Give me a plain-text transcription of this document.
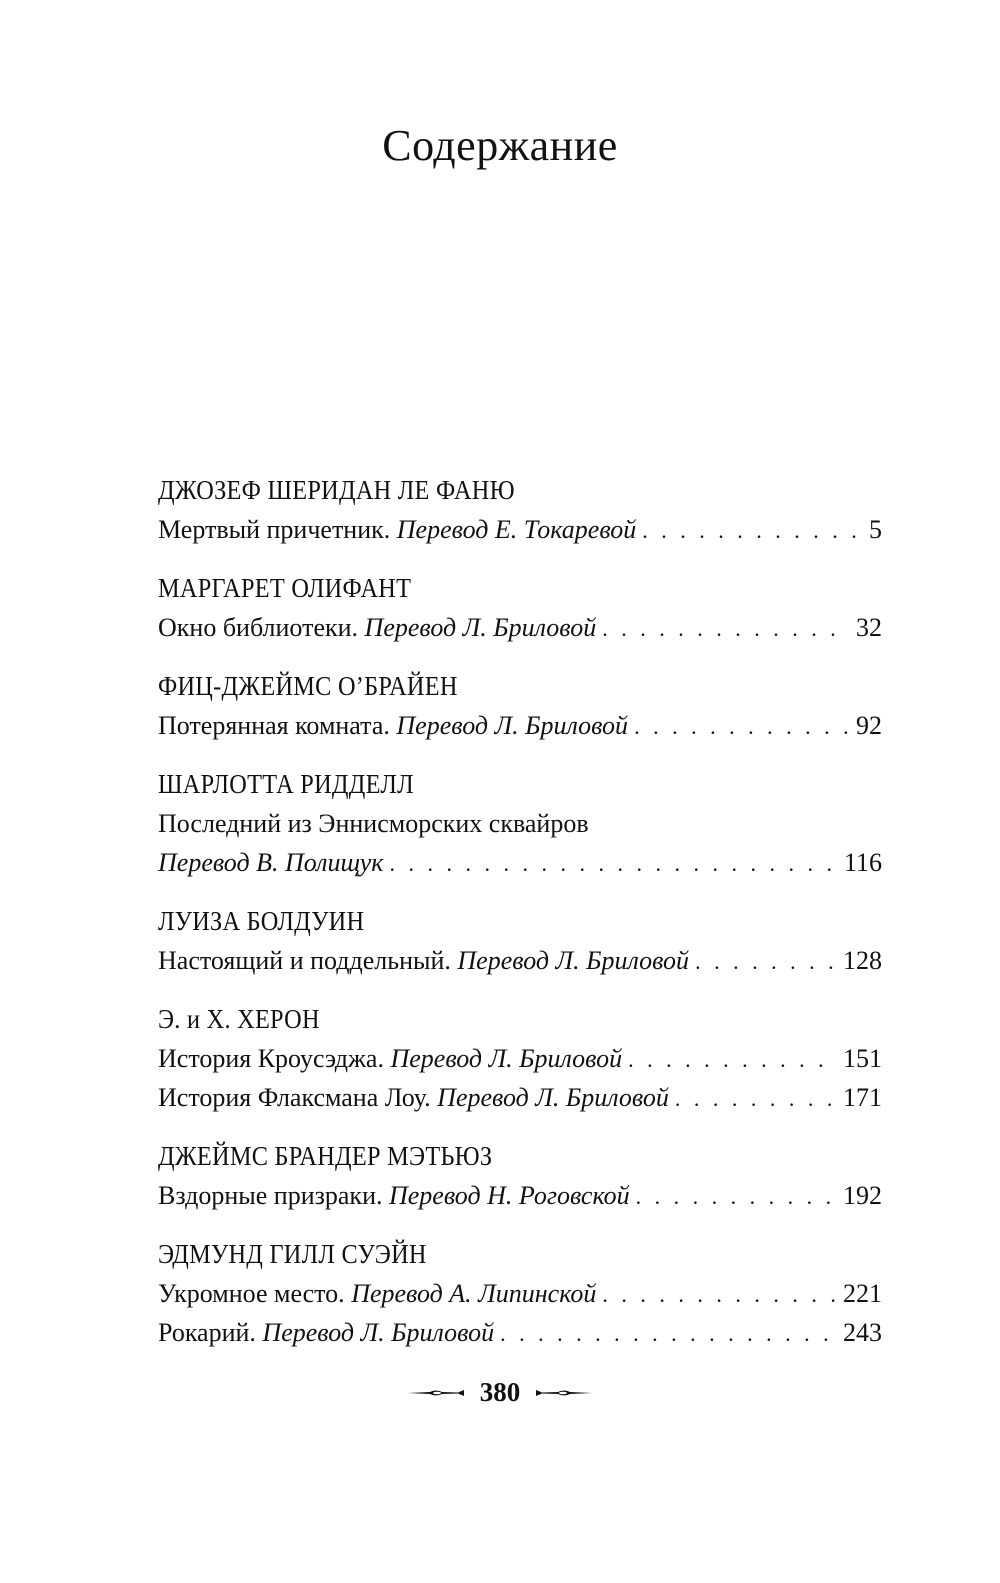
Содержание
ДЖОЗЕФ ШЕРИДАН ЛЕ ФАНЮ
Мертвый причетник. Перевод Е. Токаревой . . .	5
МАРГАРЕТ ОЛИФАНТ
Окно библиотеки. Перевод Л. Бриловой . . .	32
ФИЦ-ДЖЕЙМС О’БРАЙЕН
Потерянная комната. Перевод Л. Бриловой . . .	92
ШАРЛОТТА РИДДЕЛЛ
Последний из Эннисморских сквайров
Перевод В. Полищук . . .	116
ЛУИЗА БОЛДУИН
Настоящий и поддельный. Перевод Л. Бриловой . . .	128
Э. и Х. ХЕРОН
История Кроусэджа. Перевод Л. Бриловой . . .	151
История Флаксмана Лоу. Перевод Л. Бриловой . . .	171
ДЖЕЙМС БРАНДЕР МЭТЬЮЗ
Вздорные призраки. Перевод Н. Роговской . . .	192
ЭДМУНД ГИЛЛ СУЭЙН
Укромное место. Перевод А. Липинской . . .	221
Рокарий. Перевод Л. Бриловой . . .	243
380
